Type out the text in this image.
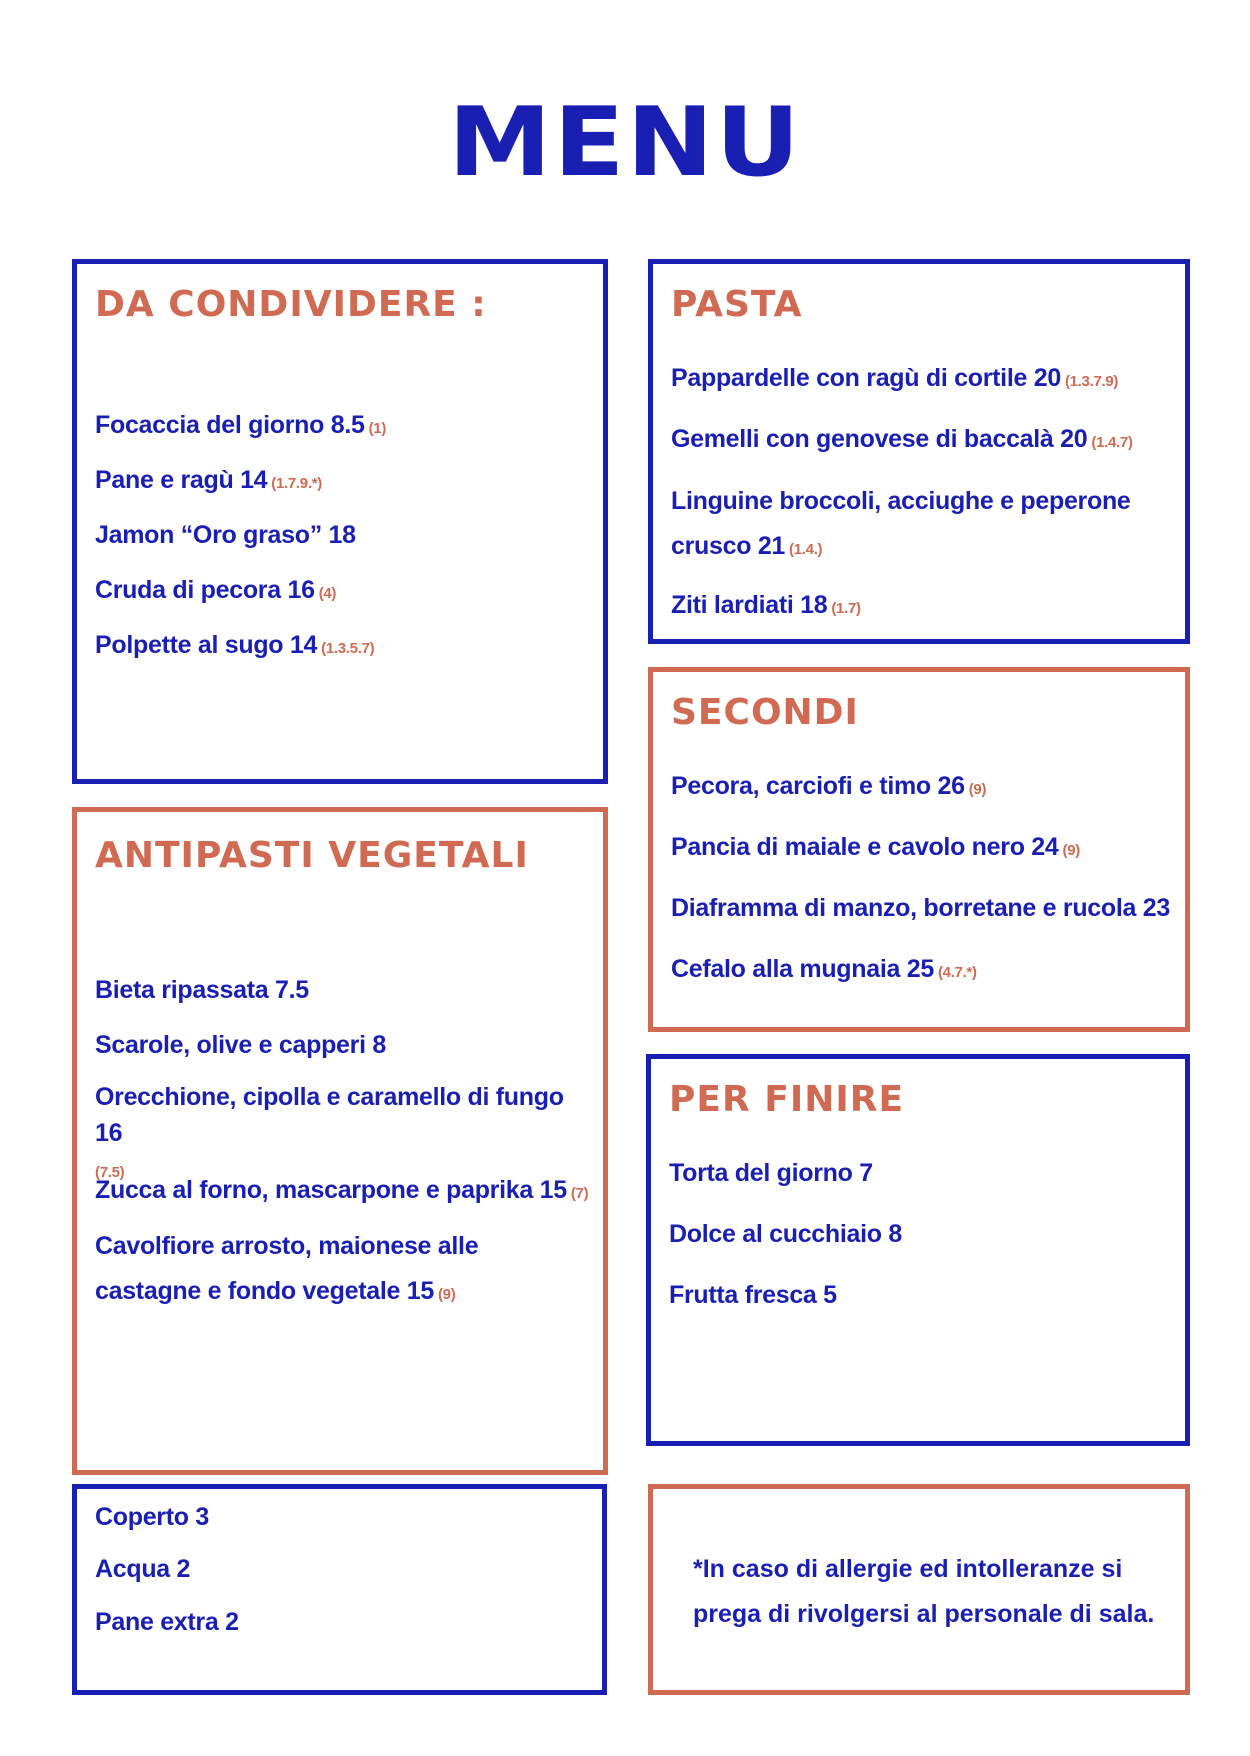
MENU
DA CONDIVIDERE :
Focaccia del giorno 8.5 (1)
Pane e ragù 14 (1.7.9.*)
Jamon “Oro graso” 18
Cruda di pecora 16 (4)
Polpette al sugo 14 (1.3.5.7)
PASTA
Pappardelle con ragù di cortile 20 (1.3.7.9)
Gemelli con genovese di baccalà 20 (1.4.7)
Linguine broccoli, acciughe e peperone crusco 21 (1.4.)
Ziti lardiati 18 (1.7)
SECONDI
Pecora, carciofi e timo 26 (9)
Pancia di maiale e cavolo nero 24 (9)
Diaframma di manzo, borretane e rucola 23
Cefalo alla mugnaia 25 (4.7.*)
ANTIPASTI VEGETALI
Bieta ripassata 7.5
Scarole, olive e capperi 8
Orecchione, cipolla e caramello di fungo 16
(7.5)
Zucca al forno, mascarpone e paprika 15 (7)
Cavolfiore arrosto, maionese alle castagne e fondo vegetale 15 (9)
PER FINIRE
Torta del giorno 7
Dolce al cucchiaio 8
Frutta fresca 5
Coperto 3
Acqua 2
Pane extra 2
*In caso di allergie ed intolleranze si
prega di rivolgersi al personale di sala.
